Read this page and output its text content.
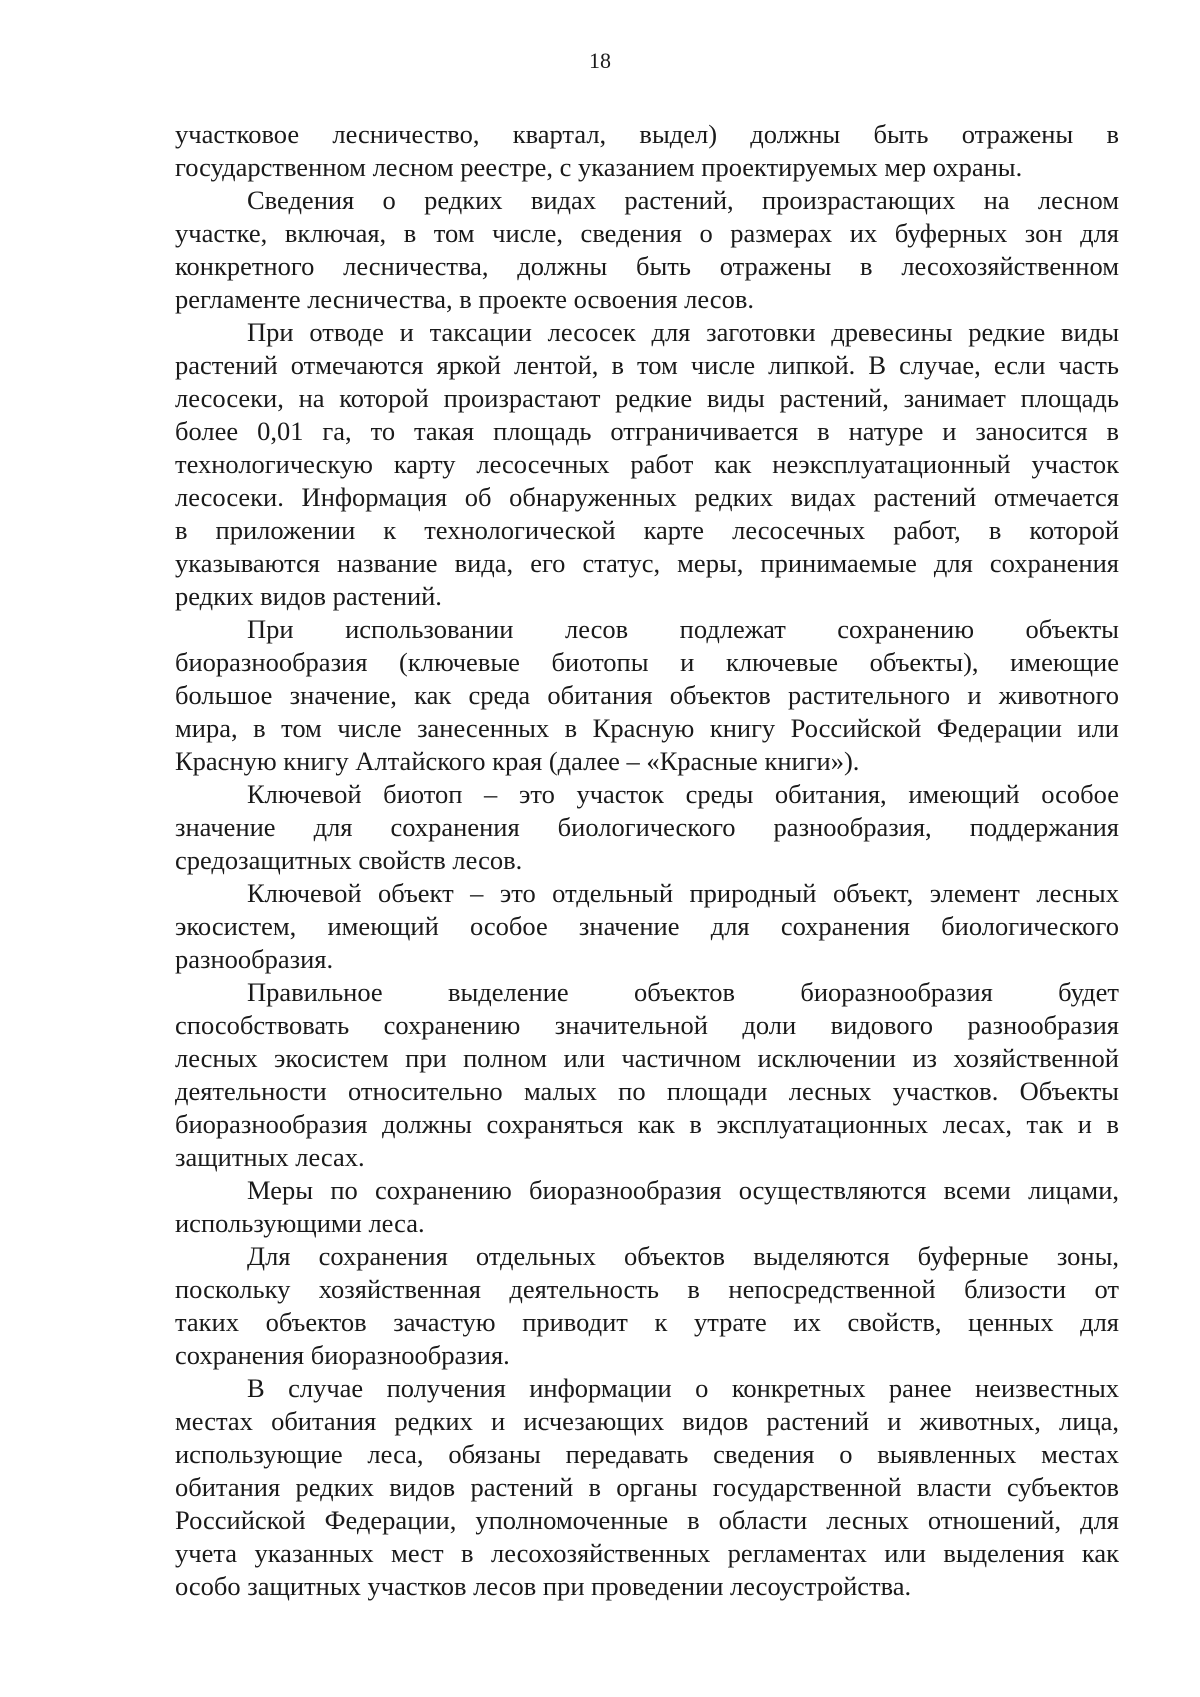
18
участковое лесничество, квартал, выдел) должны быть отражены в
государственном лесном реестре, с указанием проектируемых мер охраны.
Сведения о редких видах растений, произрастающих на лесном
участке, включая, в том числе, сведения о размерах их буферных зон для
конкретного лесничества, должны быть отражены в лесохозяйственном
регламенте лесничества, в проекте освоения лесов.
При отводе и таксации лесосек для заготовки древесины редкие виды
растений отмечаются яркой лентой, в том числе липкой. В случае, если часть
лесосеки, на которой произрастают редкие виды растений, занимает площадь
более 0,01 га, то такая площадь отграничивается в натуре и заносится в
технологическую карту лесосечных работ как неэксплуатационный участок
лесосеки. Информация об обнаруженных редких видах растений отмечается
в приложении к технологической карте лесосечных работ, в которой
указываются название вида, его статус, меры, принимаемые для сохранения
редких видов растений.
При использовании лесов подлежат сохранению объекты
биоразнообразия (ключевые биотопы и ключевые объекты), имеющие
большое значение, как среда обитания объектов растительного и животного
мира, в том числе занесенных в Красную книгу Российской Федерации или
Красную книгу Алтайского края (далее – «Красные книги»).
Ключевой биотоп – это участок среды обитания, имеющий особое
значение для сохранения биологического разнообразия, поддержания
средозащитных свойств лесов.
Ключевой объект – это отдельный природный объект, элемент лесных
экосистем, имеющий особое значение для сохранения биологического
разнообразия.
Правильное выделение объектов биоразнообразия будет
способствовать сохранению значительной доли видового разнообразия
лесных экосистем при полном или частичном исключении из хозяйственной
деятельности относительно малых по площади лесных участков. Объекты
биоразнообразия должны сохраняться как в эксплуатационных лесах, так и в
защитных лесах.
Меры по сохранению биоразнообразия осуществляются всеми лицами,
использующими леса.
Для сохранения отдельных объектов выделяются буферные зоны,
поскольку хозяйственная деятельность в непосредственной близости от
таких объектов зачастую приводит к утрате их свойств, ценных для
сохранения биоразнообразия.
В случае получения информации о конкретных ранее неизвестных
местах обитания редких и исчезающих видов растений и животных, лица,
использующие леса, обязаны передавать сведения о выявленных местах
обитания редких видов растений в органы государственной власти субъектов
Российской Федерации, уполномоченные в области лесных отношений, для
учета указанных мест в лесохозяйственных регламентах или выделения как
особо защитных участков лесов при проведении лесоустройства.
